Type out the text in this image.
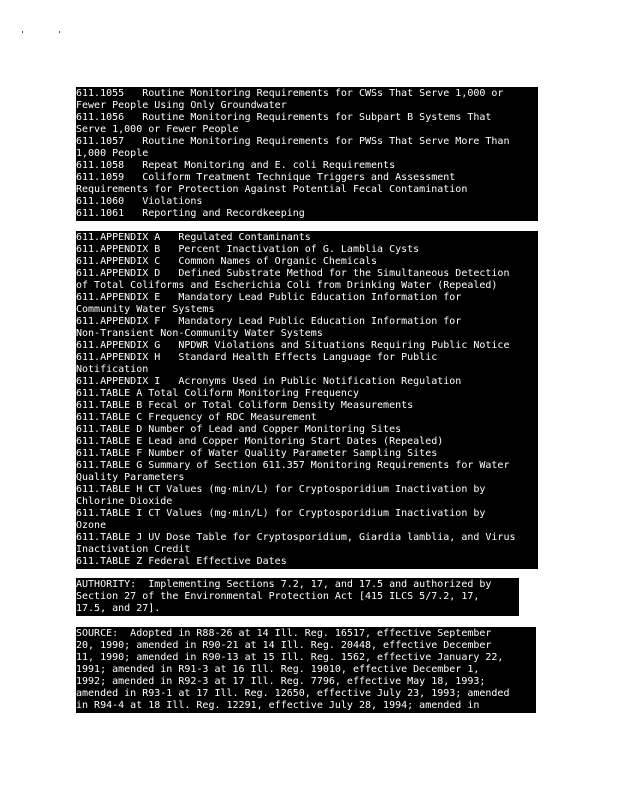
'	'
611.1055   Routine Monitoring Requirements for CWSs That Serve 1,000 or
Fewer People Using Only Groundwater
611.1056   Routine Monitoring Requirements for Subpart B Systems That
Serve 1,000 or Fewer People
611.1057   Routine Monitoring Requirements for PWSs That Serve More Than
1,000 People
611.1058   Repeat Monitoring and E. coli Requirements
611.1059   Coliform Treatment Technique Triggers and Assessment
Requirements for Protection Against Potential Fecal Contamination
611.1060   Violations
611.1061   Reporting and Recordkeeping
611.APPENDIX A   Regulated Contaminants
611.APPENDIX B   Percent Inactivation of G. Lamblia Cysts
611.APPENDIX C   Common Names of Organic Chemicals
611.APPENDIX D   Defined Substrate Method for the Simultaneous Detection
of Total Coliforms and Escherichia Coli from Drinking Water (Repealed)
611.APPENDIX E   Mandatory Lead Public Education Information for
Community Water Systems
611.APPENDIX F   Mandatory Lead Public Education Information for
Non-Transient Non-Community Water Systems
611.APPENDIX G   NPDWR Violations and Situations Requiring Public Notice
611.APPENDIX H   Standard Health Effects Language for Public
Notification
611.APPENDIX I   Acronyms Used in Public Notification Regulation
611.TABLE A Total Coliform Monitoring Frequency
611.TABLE B Fecal or Total Coliform Density Measurements
611.TABLE C Frequency of RDC Measurement
611.TABLE D Number of Lead and Copper Monitoring Sites
611.TABLE E Lead and Copper Monitoring Start Dates (Repealed)
611.TABLE F Number of Water Quality Parameter Sampling Sites
611.TABLE G Summary of Section 611.357 Monitoring Requirements for Water
Quality Parameters
611.TABLE H CT Values (mg·min/L) for Cryptosporidium Inactivation by
Chlorine Dioxide
611.TABLE I CT Values (mg·min/L) for Cryptosporidium Inactivation by
Ozone
611.TABLE J UV Dose Table for Cryptosporidium, Giardia lamblia, and Virus
Inactivation Credit
611.TABLE Z Federal Effective Dates
AUTHORITY:  Implementing Sections 7.2, 17, and 17.5 and authorized by
Section 27 of the Environmental Protection Act [415 ILCS 5/7.2, 17,
17.5, and 27].
SOURCE:  Adopted in R88-26 at 14 Ill. Reg. 16517, effective September
20, 1990; amended in R90-21 at 14 Ill. Reg. 20448, effective December
11, 1990; amended in R90-13 at 15 Ill. Reg. 1562, effective January 22,
1991; amended in R91-3 at 16 Ill. Reg. 19010, effective December 1,
1992; amended in R92-3 at 17 Ill. Reg. 7796, effective May 18, 1993;
amended in R93-1 at 17 Ill. Reg. 12650, effective July 23, 1993; amended
in R94-4 at 18 Ill. Reg. 12291, effective July 28, 1994; amended in
